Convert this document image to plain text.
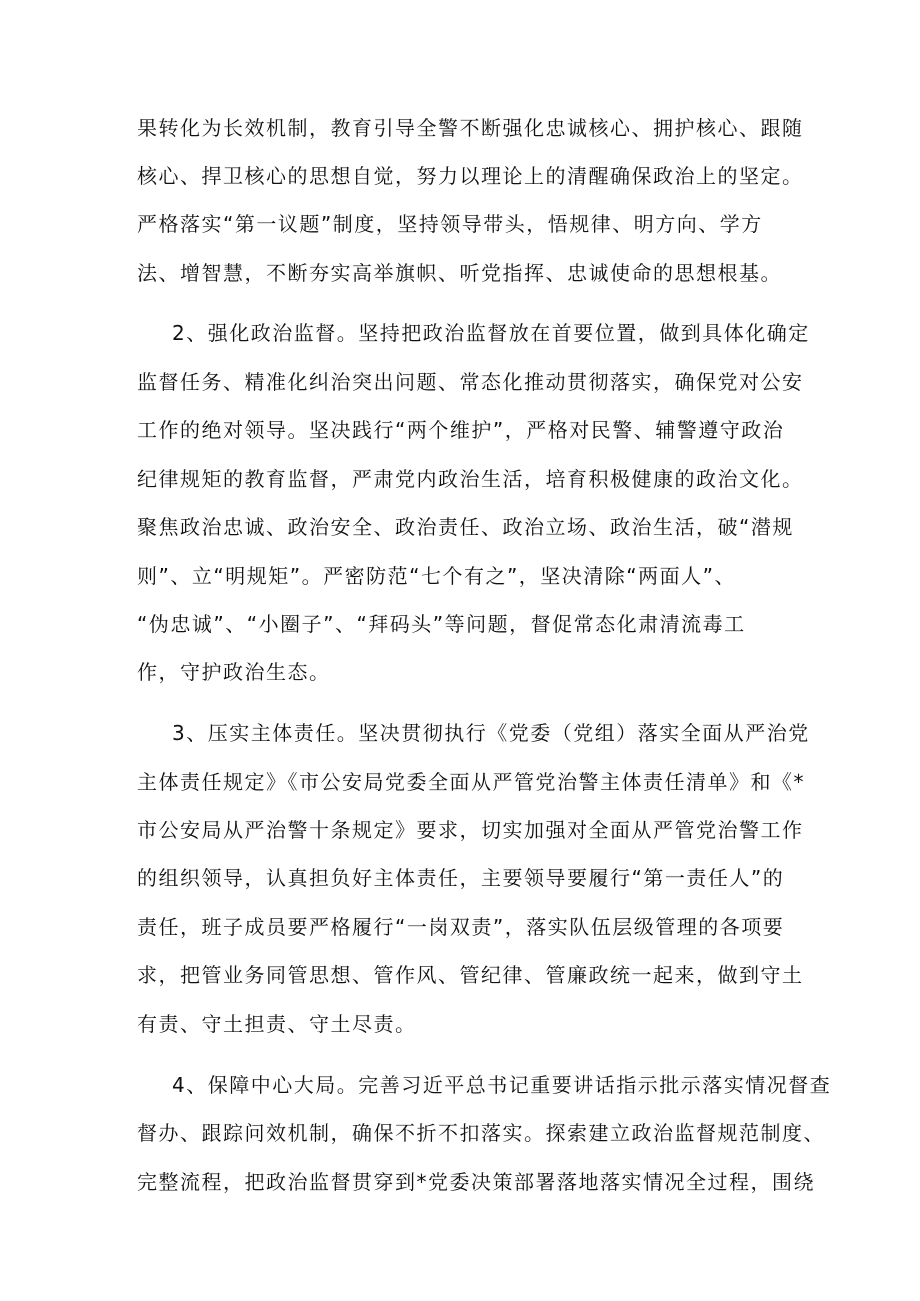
果转化为长效机制，教育引导全警不断强化忠诚核心、拥护核心、跟随
核心、捍卫核心的思想自觉，努力以理论上的清醒确保政治上的坚定。
严格落实“第一议题”制度，坚持领导带头，悟规律、明方向、学方
法、增智慧，不断夯实高举旗帜、听党指挥、忠诚使命的思想根基。
2、强化政治监督。坚持把政治监督放在首要位置，做到具体化确定
监督任务、精准化纠治突出问题、常态化推动贯彻落实，确保党对公安
工作的绝对领导。坚决践行“两个维护”，严格对民警、辅警遵守政治
纪律规矩的教育监督，严肃党内政治生活，培育积极健康的政治文化。
聚焦政治忠诚、政治安全、政治责任、政治立场、政治生活，破“潜规
则”、立“明规矩”。严密防范“七个有之”，坚决清除“两面人”、
“伪忠诚”、“小圈子”、“拜码头”等问题，督促常态化肃清流毒工
作，守护政治生态。
3、压实主体责任。坚决贯彻执行《党委（党组）落实全面从严治党
主体责任规定》《市公安局党委全面从严管党治警主体责任清单》和《*
市公安局从严治警十条规定》要求，切实加强对全面从严管党治警工作
的组织领导，认真担负好主体责任，主要领导要履行“第一责任人”的
责任，班子成员要严格履行“一岗双责”，落实队伍层级管理的各项要
求，把管业务同管思想、管作风、管纪律、管廉政统一起来，做到守土
有责、守土担责、守土尽责。
4、保障中心大局。完善习近平总书记重要讲话指示批示落实情况督查
督办、跟踪问效机制，确保不折不扣落实。探索建立政治监督规范制度、
完整流程，把政治监督贯穿到*党委决策部署落地落实情况全过程，围绕
